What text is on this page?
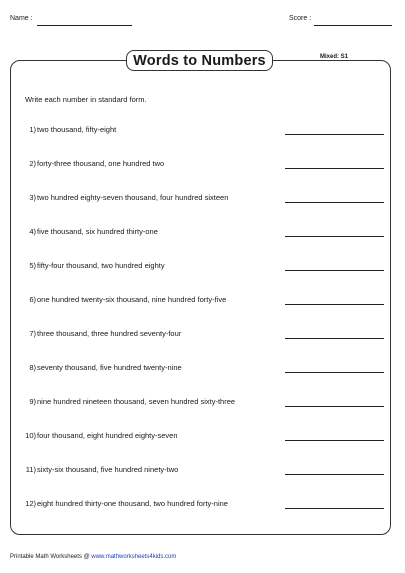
Name :	Score :
Words to Numbers	Mixed: S1
Write each number in standard form.
1) two thousand, fifty-eight
2) forty-three thousand, one hundred two
3) two hundred eighty-seven thousand, four hundred sixteen
4) five thousand, six hundred thirty-one
5) fifty-four thousand, two hundred eighty
6) one hundred twenty-six thousand, nine hundred forty-five
7) three thousand, three hundred seventy-four
8) seventy thousand, five hundred twenty-nine
9) nine hundred nineteen thousand, seven hundred sixty-three
10) four thousand, eight hundred eighty-seven
11) sixty-six thousand, five hundred ninety-two
12) eight hundred thirty-one thousand, two hundred forty-nine
Printable Math Worksheets @ www.mathworksheets4kids.com
